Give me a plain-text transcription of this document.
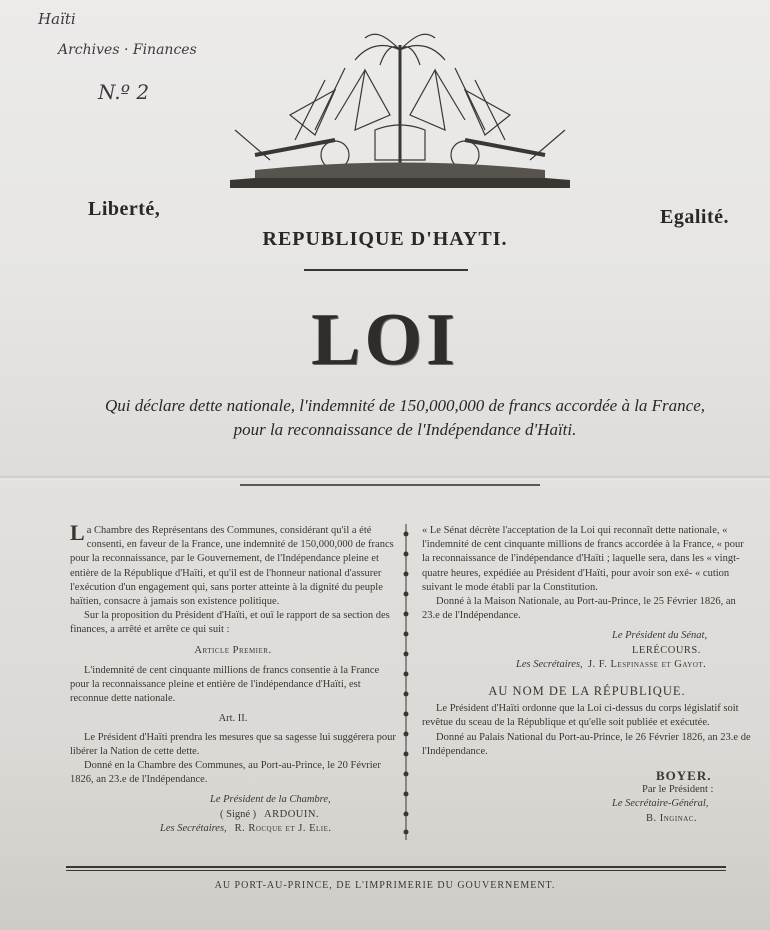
Haïti
Archives · Finances
N.º 2
Liberté,	Egalité.
REPUBLIQUE D'HAYTI.
LOI
Qui déclare dette nationale, l'indemnité de 150,000,000 de francs accordée à la France, pour la reconnaissance de l'Indépendance d'Haïti.

La Chambre des Représentans des Communes, considérant qu'il a été consenti, en faveur de la France, une indemnité de 150,000,000 de francs pour la reconnaissance, par le Gouvernement, de l'Indépendance pleine et entière de la République d'Haïti, et qu'il est de l'honneur national d'assurer l'exécution d'un engagement qui, sans porter atteinte à la dignité du peuple haïtien, consacre à jamais son existence politique.

Sur la proposition du Président d'Haïti, et ouï le rapport de sa section des finances, a arrêté et arrête ce qui suit :

Article Premier.

L'indemnité de cent cinquante millions de francs consentie à la France pour la reconnaissance pleine et entière de l'indépendance d'Haïti, est reconnue dette nationale.

Art. II.

Le Président d'Haïti prendra les mesures que sa sagesse lui suggérera pour libérer la Nation de cette dette.

Donné en la Chambre des Communes, au Port-au-Prince, le 20 Février 1826, an 23.e de l'Indépendance.

Le Président de la Chambre,

( Signé ) ARDOUIN.

Les Secrétaires, R. Rocque et J. Elie.

« Le Sénat décrète l'acceptation de la Loi qui reconnaît dette nationale, « l'indemnité de cent cinquante millions de francs accordée à la France, « pour la reconnaissance de l'indépendance d'Haïti ; laquelle sera, dans les « vingt-quatre heures, expédiée au Président d'Haïti, pour avoir son exé- « cution suivant le mode établi par la Constitution.

Donné à la Maison Nationale, au Port-au-Prince, le 25 Février 1826, an 23.e de l'Indépendance.

Le Président du Sénat,

LERÉCOURS.

Les Secrétaires, J. F. Lespinasse et Gayot.

AU NOM DE LA RÉPUBLIQUE.

Le Président d'Haïti ordonne que la Loi ci-dessus du corps législatif soit revêtue du sceau de la République et qu'elle soit publiée et exécutée.

Donné au Palais National du Port-au-Prince, le 26 Février 1826, an 23.e de l'Indépendance.

BOYER.

Par le Président :

Le Secrétaire-Général,

B. Inginac.

AU PORT-AU-PRINCE, DE L'IMPRIMERIE DU GOUVERNEMENT.
